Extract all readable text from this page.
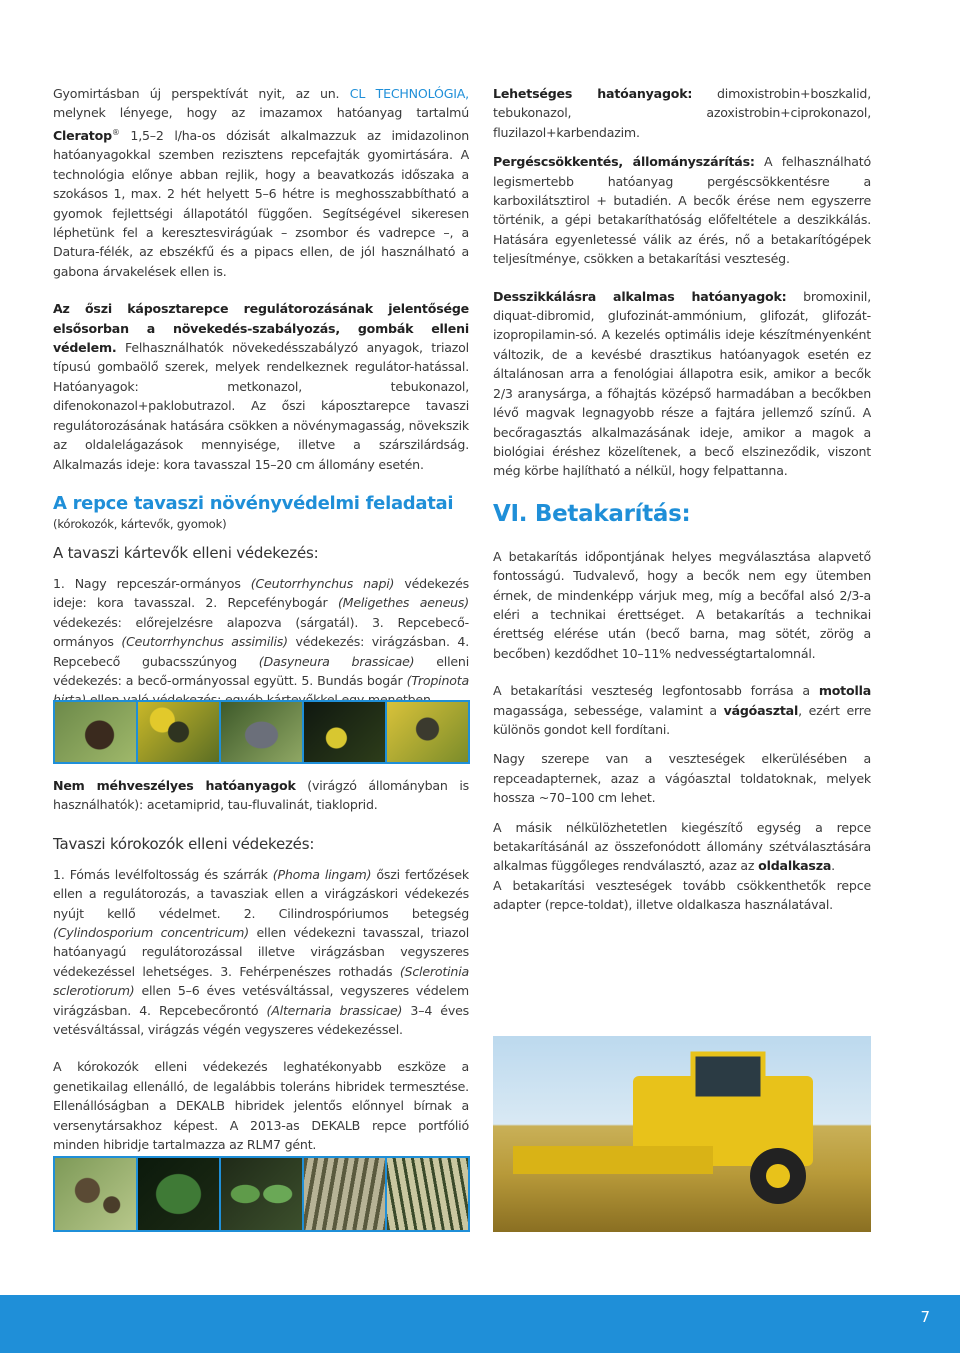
Gyomirtásban új perspektívát nyit, az un. CL TECHNOLÓGIA, melynek lényege, hogy az imazamox hatóanyag tartalmú Cleratop® 1,5–2 l/ha-os dózisát alkalmazzuk az imidazolinon hatóanyagokkal szemben rezisztens repcefajták gyomirtására. A technológia előnye abban rejlik, hogy a beavatkozás időszaka a szokásos 1, max. 2 hét helyett 5–6 hétre is meghosszabbítható a gyomok fejlettségi állapotától függően. Segítségével sikeresen léphetünk fel a keresztesvirágúak – zsombor és vadrepce –, a Datura-félék, az ebszékfű és a pipacs ellen, de jól használható a gabona árvakelések ellen is.

Az őszi káposztarepce regulátorozásának jelentősége elsősorban a növekedés-szabályozás, gombák elleni védelem. Felhasználhatók növekedésszabályzó anyagok, triazol típusú gombaölő szerek, melyek rendelkeznek regulátor-hatással. Hatóanyagok: metkonazol, tebukonazol, difenokonazol+paklobutrazol. Az őszi káposztarepce tavaszi regulátorozásának hatására csökken a növénymagasság, növekszik az oldalelágazások mennyisége, illetve a szárszilárdság. Alkalmazás ideje: kora tavasszal 15–20 cm állomány esetén.

A repce tavaszi növényvédelmi feladatai

(kórokozók, kártevők, gyomok)

A tavaszi kártevők elleni védekezés:

1. Nagy repceszár-ormányos (Ceutorrhynchus napi) védekezés ideje: kora tavasszal. 2. Repcefénybogár (Meligethes aeneus) védekezés: előrejelzésre alapozva (sárgatál). 3. Repcebecő-ormányos (Ceutorrhynchus assimilis) védekezés: virágzásban. 4. Repcebecő gubacsszúnyog (Dasyneura brassicae) elleni védekezés: a becő-ormányossal együtt. 5. Bundás bogár (Tropinota

Nem méhveszélyes hatóanyagok (virágzó állományban is használhatók): acetamiprid, tau-fluvalinát, tiakloprid.

Tavaszi kórokozók elleni védekezés:

1. Fómás levélfoltosság és szárrák (Phoma lingam) őszi fertőzések ellen a regulátorozás, a tavasziak ellen a virágzáskori védekezés nyújt kellő védelmet. 2. Cilindrospóriumos betegség (Cylindosporium concentricum) ellen védekezni tavasszal, triazol hatóanyagú regulátorozással illetve virágzásban vegyszeres védekezéssel lehetséges. 3. Fehérpenészes rothadás (Sclerotinia sclerotiorum) ellen 5–6 éves vetésváltással, vegyszeres védelem virágzásban. 4. Repcebecőrontó (Alternaria brassicae) 3–4 éves vetésváltással, virágzás végén vegyszeres védekezéssel.

A kórokozók elleni védekezés leghatékonyabb eszköze a genetikailag ellenálló, de legalábbis toleráns hibridek termesztése. Ellenállóságban a DEKALB hibridek jelentős előnnyel bírnak a versenytársakhoz képest. A 2013-as DEKALB repce portfólió minden hibridje tartalmazza az RLM7 gént.

Lehetséges hatóanyagok: dimoxistrobin+boszkalid, tebukonazol, azoxistrobin+ciprokonazol, fluzilazol+karbendazim.

Pergéscsökkentés, állományszárítás: A felhasználható legismertebb hatóanyag pergéscsökkentésre a karboxilátsztirol + butadién. A becők érése nem egyszerre történik, a gépi betakaríthatóság előfeltétele a deszikkálás. Hatására egyenletessé válik az érés, nő a betakarítógépek teljesítménye, csökken a betakarítási veszteség.

Desszikkálásra alkalmas hatóanyagok: bromoxinil, diquat-dibromid, glufozinát-ammónium, glifozát, glifozát-izopropilamin-só. A kezelés optimális ideje készítményenként változik, de a kevésbé drasztikus hatóanyagok esetén ez általánosan arra a fenológiai állapotra esik, amikor a becők 2/3 aranysárga, a főhajtás középső harmadában a becőkben lévő magvak legnagyobb része a fajtára jellemző színű. A becőragasztás alkalmazásának ideje, amikor a magok a biológiai éréshez közelítenek, a becő elszineződik, viszont még körbe hajlítható a nélkül, hogy felpattanna.

VI. Betakarítás:

A betakarítás időpontjának helyes megválasztása alapvető fontosságú. Tudvalevő, hogy a becők nem egy ütemben érnek, de mindenképp várjuk meg, míg a becőfal alsó 2/3-a eléri a technikai érettséget. A betakarítás a technikai érettség elérése után (becő barna, mag sötét, zörög a becőben) kezdődhet 10–11% nedvességtartalomnál.

A betakarítási veszteség legfontosabb forrása a motolla magassága, sebessége, valamint a vágóasztal, ezért erre különös gondot kell fordítani.

Nagy szerepe van a veszteségek elkerülésében a repceadapternek, azaz a vágóasztal toldatoknak, melyek hossza ~70–100 cm lehet.

A másik nélkülözhetetlen kiegészítő egység a repce betakarításánál az összefonódott állomány szétválasztására alkalmas függőleges rendválasztó, azaz az oldalkasza.

A betakarítási veszteségek tovább csökkenthetők repce adapter (repce-toldat), illetve oldalkasza használatával.

7
